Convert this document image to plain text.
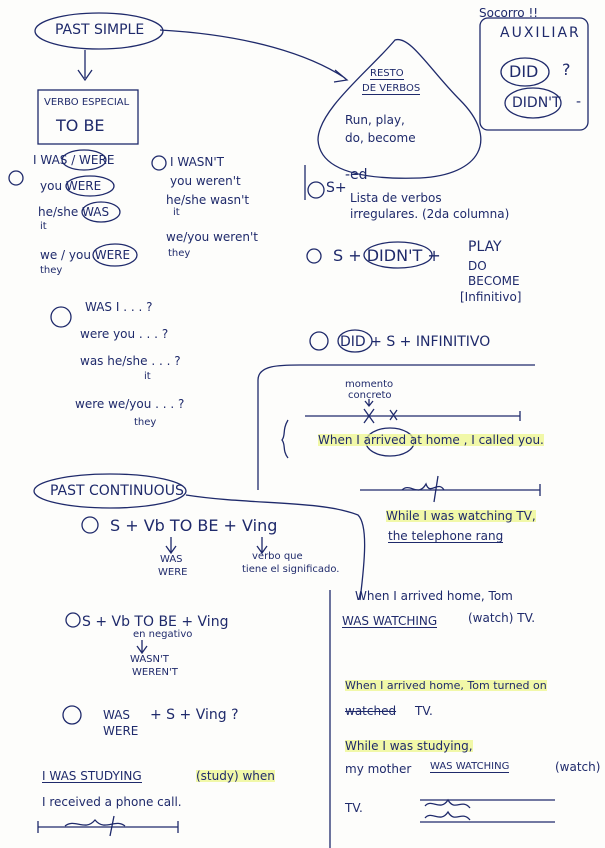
PAST SIMPLE
VERBO ESPECIAL
TO BE
I WAS / WERE
you WERE
he/she WAS
it
we / you WERE
they
I WASN'T
you weren't
he/she wasn't
it
we/you weren't
they
WAS I . . . ?
were you . . . ?
was he/she . . . ?
it
were we/you . . . ?
they
Socorro !!
AUXILIAR
DID ?
DIDN'T -
RESTO
DE VERBOS
Run, play,
do, become
S+
-ed
Lista de verbos
irregulares. (2da columna)
S + DIDN'T + PLAY
DO
BECOME
[Infinitivo]
DID + S + INFINITIVO
momento
concreto
When I arrived at home , I called you.
While I was watching TV,
the telephone rang
PAST CONTINUOUS
S + Vb TO BE + Ving
WAS
WERE
verbo que
tiene el significado.
S + Vb TO BE + Ving
en negativo
WASN'T
WEREN'T
WAS
WERE
+ S + Ving ?
I WAS STUDYING	(study) when
I received a phone call.
When I arrived home, Tom
WAS WATCHING	(watch) TV.
When I arrived home, Tom turned on
watched TV.
While I was studying,
my mother WAS WATCHING	(watch)
TV.
